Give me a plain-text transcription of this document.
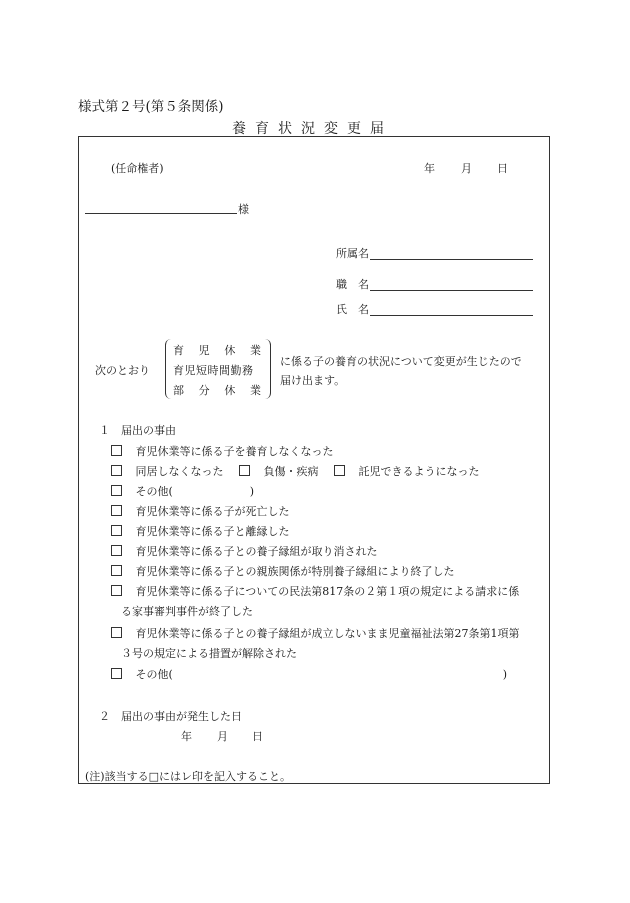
様式第２号(第５条関係)
養育状況変更届
(任命権者)	年 月 日
様
所属名
職　名
氏　名
次のとおり
育 児 休 業
育児短時間勤務
部 分 休 業
に係る子の養育の状況について変更が生じたので
届け出ます。
１　届出の事由
育児休業等に係る子を養育しなくなった
同居しなくなった	負傷・疾病	託児できるようになった
その他(　　　　　　　)
育児休業等に係る子が死亡した
育児休業等に係る子と離縁した
育児休業等に係る子との養子縁組が取り消された
育児休業等に係る子との親族関係が特別養子縁組により終了した
育児休業等に係る子についての民法第817条の２第１項の規定による請求に係
る家事審判事件が終了した
育児休業等に係る子との養子縁組が成立しないまま児童福祉法第27条第1項第
３号の規定による措置が解除された
その他(　　　　　　　　　　　　　　　　　　　　　　　　　　　　　　)
２　届出の事由が発生した日
年 月 日
(注)該当する□にはレ印を記入すること。
